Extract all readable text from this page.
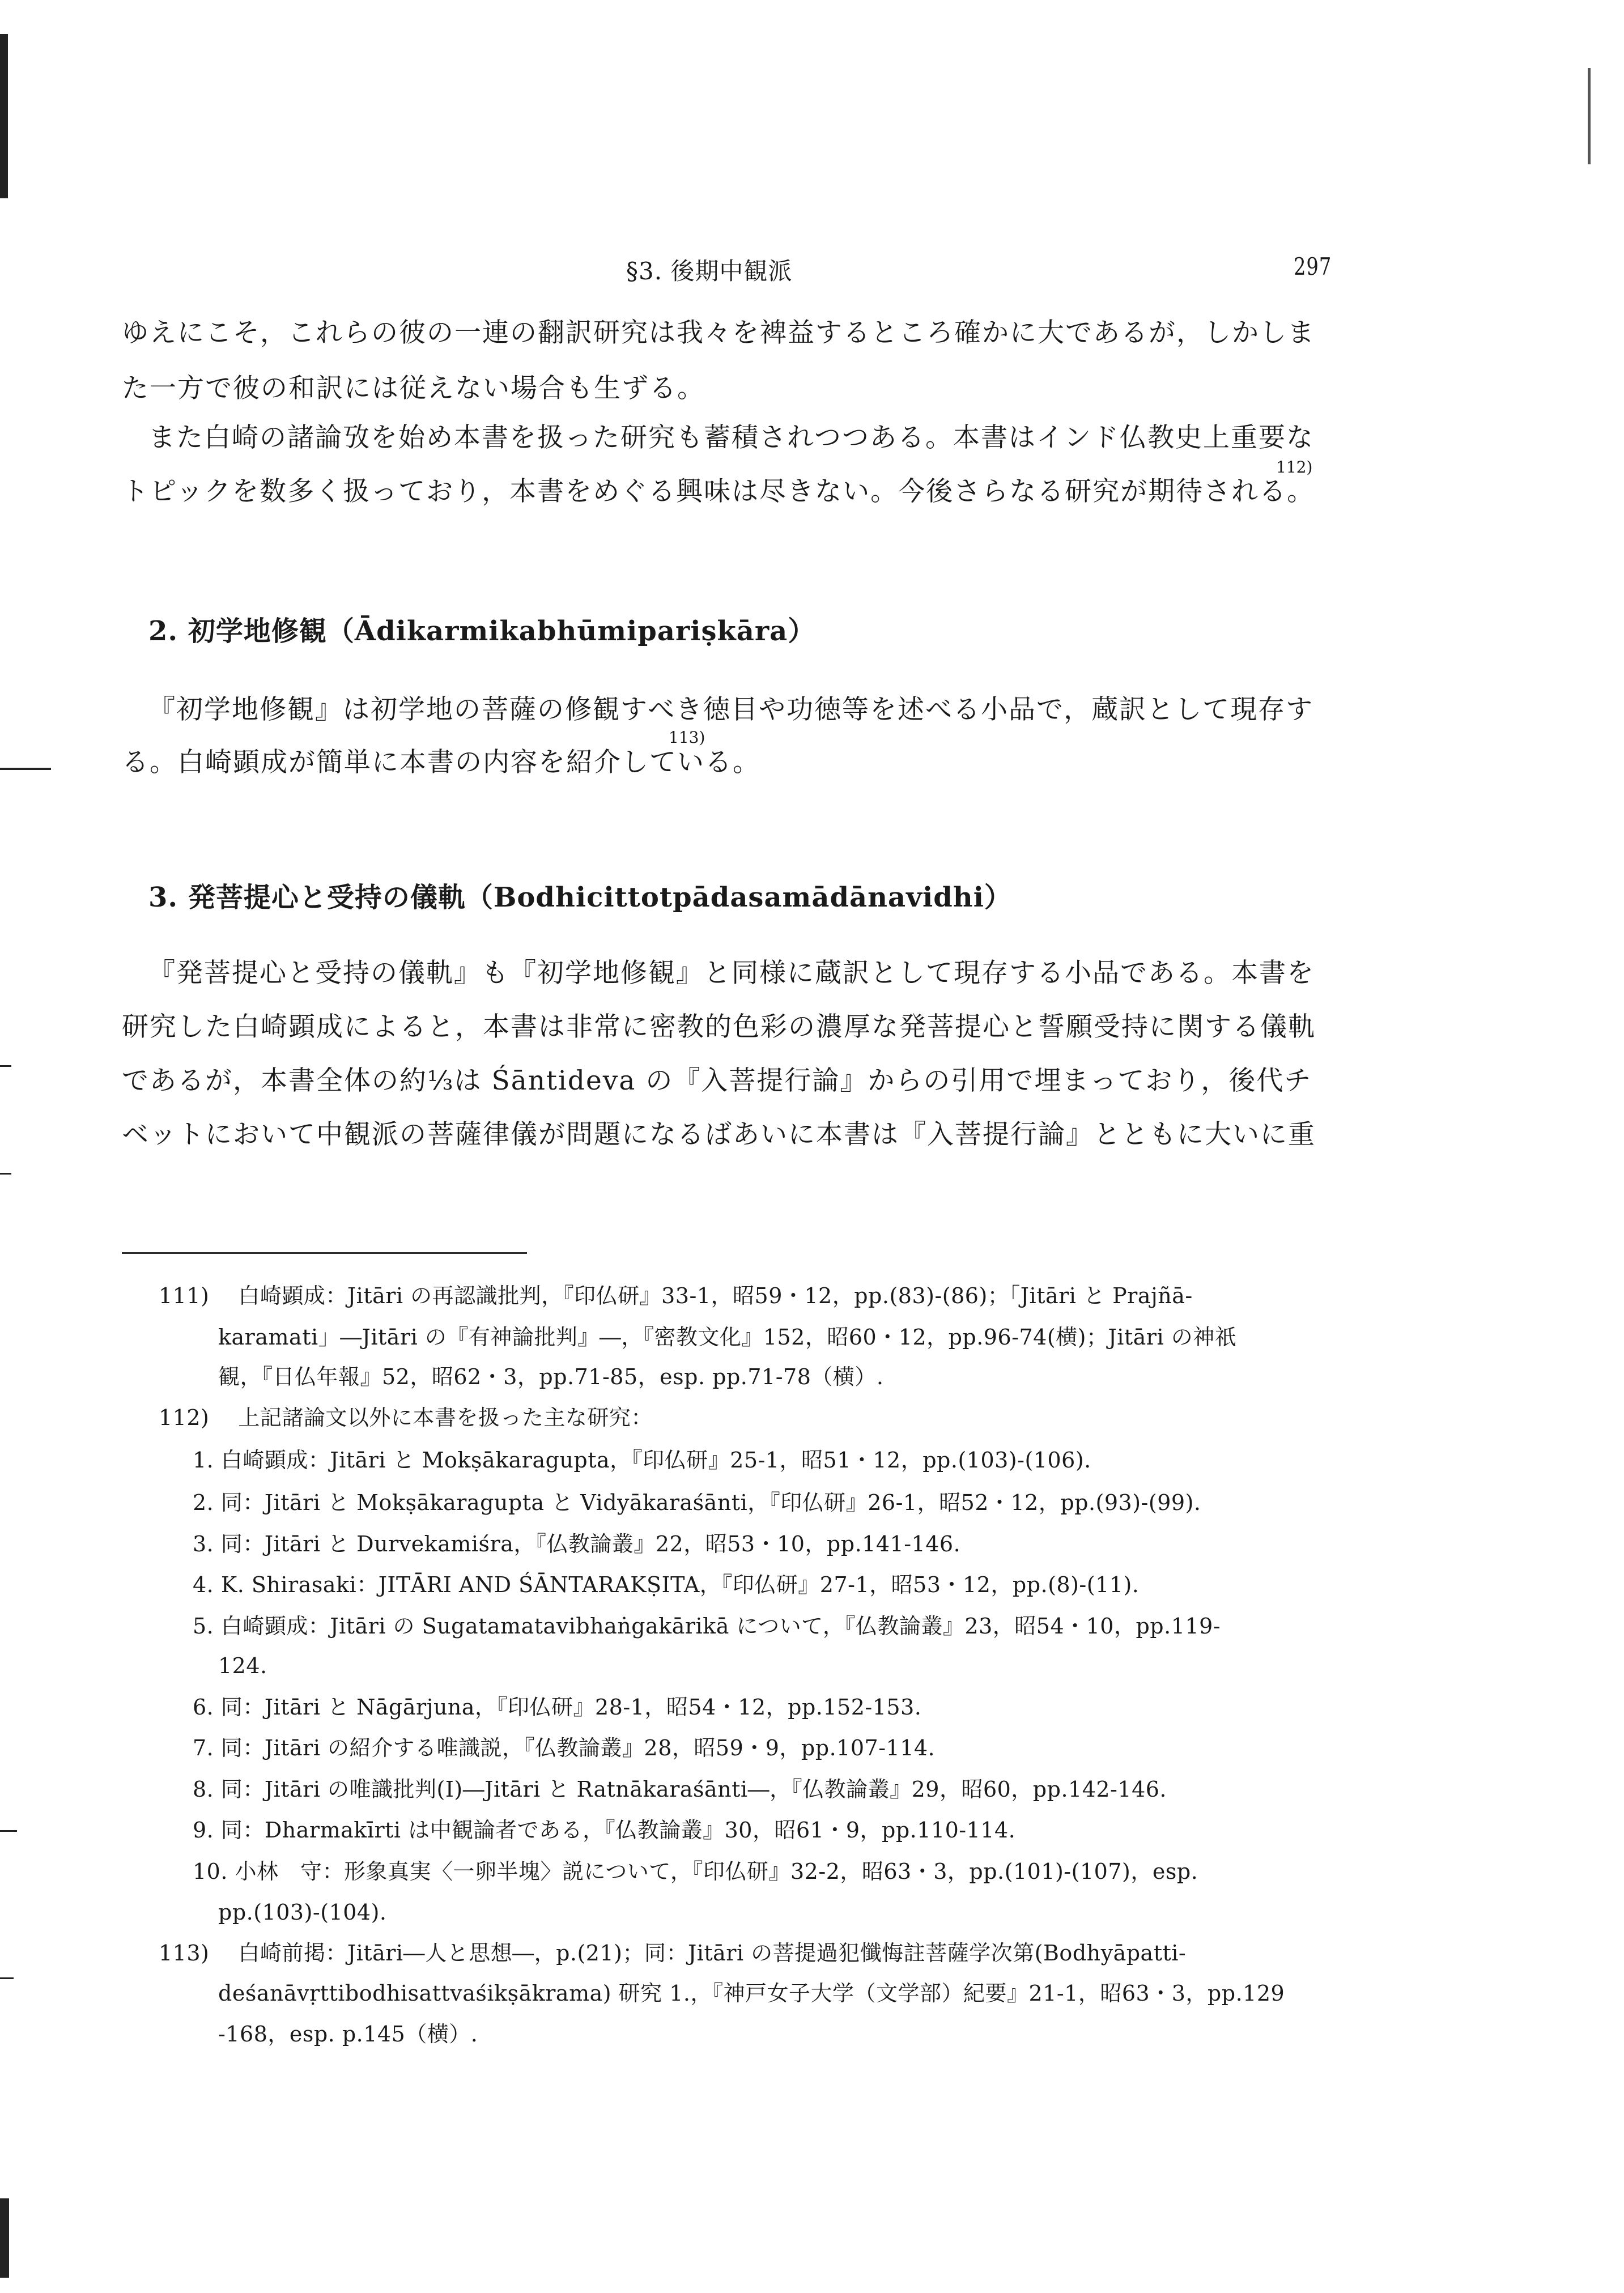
§3. 後期中観派	297
ゆえにこそ，これらの彼の一連の翻訳研究は我々を裨益するところ確かに大であるが，しかしま
た一方で彼の和訳には従えない場合も生ずる。
また白崎の諸論攷を始め本書を扱った研究も蓄積されつつある。本書はインド仏教史上重要な
トピックを数多く扱っており，本書をめぐる興味は尽きない。今後さらなる研究が期待される。
112)
2. 初学地修観（Ādikarmikabhūmipariṣkāra）
『初学地修観』は初学地の菩薩の修観すべき徳目や功徳等を述べる小品で，蔵訳として現存す
る。白崎顕成が簡単に本書の内容を紹介している。
113)
3. 発菩提心と受持の儀軌（Bodhicittotpādasamādānavidhi）
『発菩提心と受持の儀軌』も『初学地修観』と同様に蔵訳として現存する小品である。本書を
研究した白崎顕成によると，本書は非常に密教的色彩の濃厚な発菩提心と誓願受持に関する儀軌
であるが，本書全体の約⅓は Śāntideva の『入菩提行論』からの引用で埋まっており，後代チ
ベットにおいて中観派の菩薩律儀が問題になるばあいに本書は『入菩提行論』とともに大いに重
111)　 白崎顕成：Jitāri の再認識批判，『印仏研』33-1，昭59・12，pp.(83)-(86)；「Jitāri と Prajñā-
karamati」―Jitāri の『有神論批判』―，『密教文化』152，昭60・12，pp.96-74(横)；Jitāri の神祇
観，『日仏年報』52，昭62・3，pp.71-85，esp. pp.71-78（横）.
112)　 上記諸論文以外に本書を扱った主な研究：
1. 白崎顕成：Jitāri と Mokṣākaragupta，『印仏研』25-1，昭51・12，pp.(103)-(106).
2. 同：Jitāri と Mokṣākaragupta と Vidyākaraśānti，『印仏研』26-1，昭52・12，pp.(93)-(99).
3. 同：Jitāri と Durvekamiśra，『仏教論叢』22，昭53・10，pp.141-146.
4. K. Shirasaki：JITĀRI AND ŚĀNTARAKṢITA，『印仏研』27-1，昭53・12，pp.(8)-(11).
5. 白崎顕成：Jitāri の Sugatamatavibhaṅgakārikā について，『仏教論叢』23，昭54・10，pp.119-
124.
6. 同：Jitāri と Nāgārjuna，『印仏研』28-1，昭54・12，pp.152-153.
7. 同：Jitāri の紹介する唯識説，『仏教論叢』28，昭59・9，pp.107-114.
8. 同：Jitāri の唯識批判(Ⅰ)―Jitāri と Ratnākaraśānti―，『仏教論叢』29，昭60，pp.142-146.
9. 同：Dharmakīrti は中観論者である，『仏教論叢』30，昭61・9，pp.110-114.
10. 小林　守：形象真実〈一卵半塊〉説について，『印仏研』32-2，昭63・3，pp.(101)-(107)，esp.
pp.(103)-(104).
113)　 白崎前掲：Jitāri―人と思想―，p.(21)；同：Jitāri の菩提過犯懺悔註菩薩学次第(Bodhyāpatti-
deśanāvṛttibodhisattvaśikṣākrama) 研究 1.，『神戸女子大学（文学部）紀要』21-1，昭63・3，pp.129
-168，esp. p.145（横）.
